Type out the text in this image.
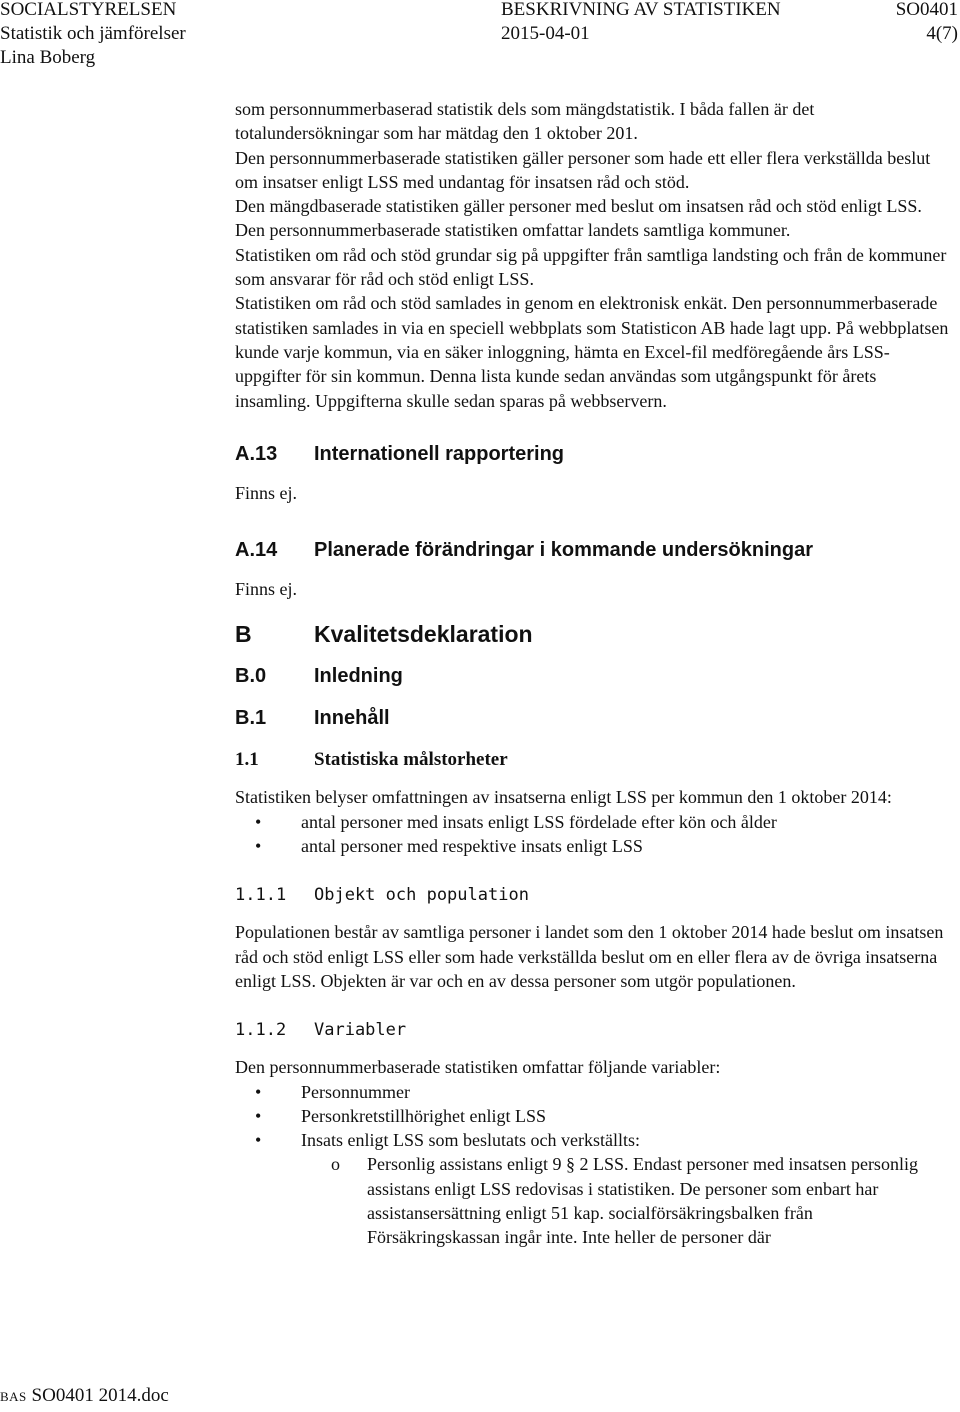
SOCIALSTYRELSEN	BESKRIVNING AV STATISTIKEN	SO0401
Statistik och jämförelser	2015-04-01	4(7)
Lina Boberg

som personnummerbaserad statistik dels som mängdstatistik. I båda fallen är det totalundersökningar som har mätdag den 1 oktober 201.

Den personnummerbaserade statistiken gäller personer som hade ett eller flera verkställda beslut om insatser enligt LSS med undantag för insatsen råd och stöd.

Den mängdbaserade statistiken gäller personer med beslut om insatsen råd och stöd enligt LSS.

Den personnummerbaserade statistiken omfattar landets samtliga kommuner.

Statistiken om råd och stöd grundar sig på uppgifter från samtliga landsting och från de kommuner som ansvarar för råd och stöd enligt LSS.

Statistiken om råd och stöd samlades in genom en elektronisk enkät. Den personnummerbaserade statistiken samlades in via en speciell webbplats som Statisticon AB hade lagt upp. På webbplatsen kunde varje kommun, via en säker inloggning, hämta en Excel-fil medföregående års LSS-uppgifter för sin kommun. Denna lista kunde sedan användas som utgångspunkt för årets insamling. Uppgifterna skulle sedan sparas på webbservern.

A.13 Internationell rapportering

Finns ej.

A.14 Planerade förändringar i kommande undersökningar

Finns ej.

B	Kvalitetsdeklaration
B.0 Inledning
B.1 Innehåll
1.1	Statistiska målstorheter

Statistiken belyser omfattningen av insatserna enligt LSS per kommun den 1 oktober 2014:

• antal personer med insats enligt LSS fördelade efter kön och ålder
• antal personer med respektive insats enligt LSS
1.1.1 Objekt och population

Populationen består av samtliga personer i landet som den 1 oktober 2014 hade beslut om insatsen råd och stöd enligt LSS eller som hade verkställda beslut om en eller flera av de övriga insatserna enligt LSS. Objekten är var och en av dessa personer som utgör populationen.

1.1.2 Variabler

Den personnummerbaserade statistiken omfattar följande variabler:

• Personnummer
• Personkretstillhörighet enligt LSS
• Insats enligt LSS som beslutats och verkställts:
o Personlig assistans enligt 9 § 2 LSS. Endast personer med insatsen personlig assistans enligt LSS redovisas i statistiken. De personer som enbart har assistansersättning enligt 51 kap. socialförsäkringsbalken från Försäkringskassan ingår inte. Inte heller de personer där
BAS SO0401 2014.doc
